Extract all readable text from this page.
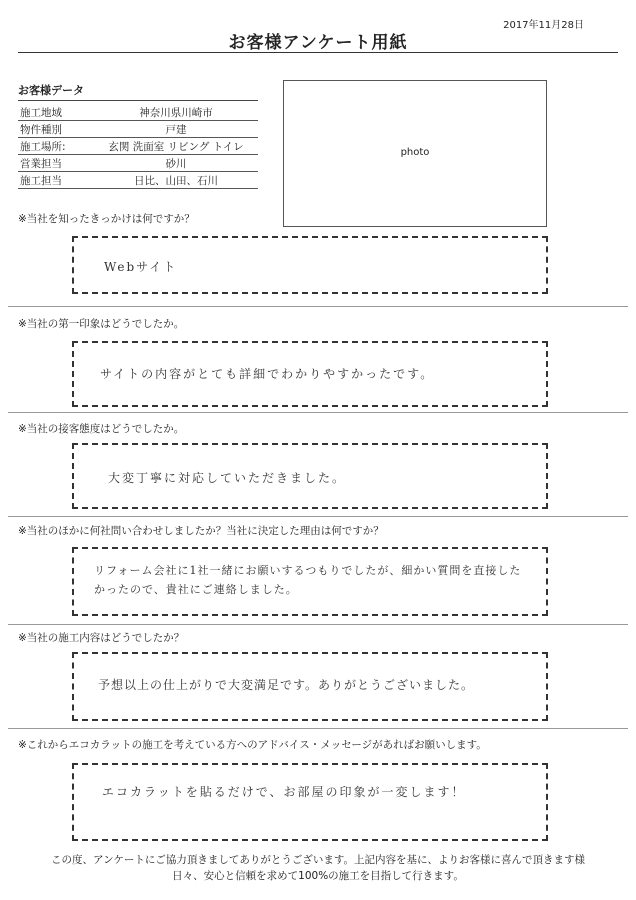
2017年11月28日
お客様アンケート用紙
お客様データ
施工地域	神奈川県川崎市
物件種別	戸建
施工場所:	玄関 洗面室 リビング トイレ
営業担当	砂川
施工担当	日比、山田、石川
photo
※当社を知ったきっかけは何ですか？
Webサイト
※当社の第一印象はどうでしたか。
サイトの内容がとても詳細でわかりやすかったです。
※当社の接客態度はどうでしたか。
大変丁寧に対応していただきました。
※当社のほかに何社問い合わせしましたか？当社に決定した理由は何ですか？
リフォーム会社に1社一緒にお願いするつもりでしたが、細かい質問を直接したかったので、貴社にご連絡しました。
※当社の施工内容はどうでしたか？
予想以上の仕上がりで大変満足です。ありがとうございました。
※これからエコカラットの施工を考えている方へのアドバイス・メッセージがあればお願いします。
エコカラットを貼るだけで、お部屋の印象が一変します！
この度、アンケートにご協力頂きましてありがとうございます。上記内容を基に、よりお客様に喜んで頂きます様
日々、安心と信頼を求めて100%の施工を目指して行きます。
